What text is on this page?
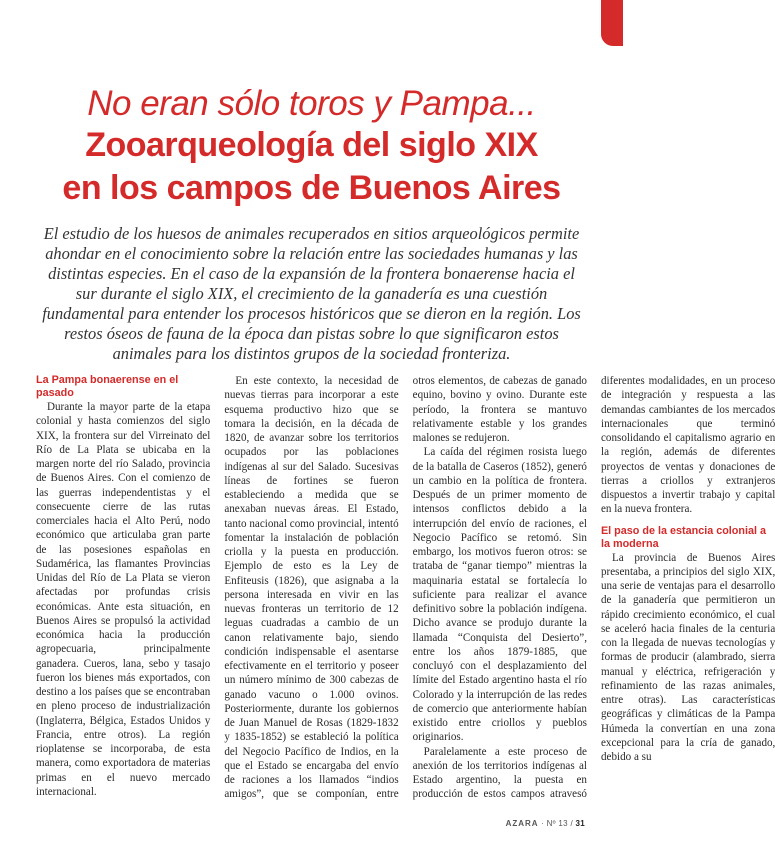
No eran sólo toros y Pampa...
Zooarqueología del siglo XIX
en los campos de Buenos Aires

El estudio de los huesos de animales recuperados en sitios arqueológicos permite ahondar en el conocimiento sobre la relación entre las sociedades humanas y las distintas especies. En el caso de la expansión de la frontera bonaerense hacia el sur durante el siglo XIX, el crecimiento de la ganadería es una cuestión fundamental para entender los procesos históricos que se dieron en la región. Los restos óseos de fauna de la época dan pistas sobre lo que significaron estos animales para los distintos grupos de la sociedad fronteriza.

La Pampa bonaerense en el pasado

Durante la mayor parte de la etapa colonial y hasta comienzos del siglo XIX, la frontera sur del Virreinato del Río de La Plata se ubicaba en la margen norte del río Salado, provincia de Buenos Aires. Con el comienzo de las guerras independentistas y el consecuente cierre de las rutas comerciales hacia el Alto Perú, nodo económico que articulaba gran parte de las posesiones españolas en Sudamérica, las flamantes Provincias Unidas del Río de La Plata se vieron afectadas por profundas crisis económicas. Ante esta situación, en Buenos Aires se propulsó la actividad económica hacia la producción agropecuaria, principalmente ganadera. Cueros, lana, sebo y tasajo fueron los bienes más exportados, con destino a los países que se encontraban en pleno proceso de industrialización (Inglaterra, Bélgica, Estados Unidos y Francia, entre otros). La región rioplatense se incorporaba, de esta manera, como exportadora de materias primas en el nuevo mercado internacional.

En este contexto, la necesidad de nuevas tierras para incorporar a este esquema productivo hizo que se tomara la decisión, en la década de 1820, de avanzar sobre los territorios ocupados por las poblaciones indígenas al sur del Salado. Sucesivas líneas de fortines se fueron estableciendo a medida que se anexaban nuevas áreas. El Estado, tanto nacional como provincial, intentó fomentar la instalación de población criolla y la puesta en producción. Ejemplo de esto es la Ley de Enfiteusis (1826), que asignaba a la persona interesada en vivir en las nuevas fronteras un territorio de 12 leguas cuadradas a cambio de un canon relativamente bajo, siendo condición indispensable el asentarse efectivamente en el territorio y poseer un número mínimo de 300 cabezas de ganado vacuno o 1.000 ovinos. Posteriormente, durante los gobiernos de Juan Manuel de Rosas (1829-1832 y 1835-1852) se estableció la política del Negocio Pacífico de Indios, en la que el Estado se encargaba del envío de raciones a los llamados “indios amigos”, que se componían, entre otros elementos, de cabezas de ganado equino, bovino y ovino. Durante este período, la frontera se mantuvo relativamente estable y los grandes malones se redujeron.

La caída del régimen rosista luego de la batalla de Caseros (1852), generó un cambio en la política de frontera. Después de un primer momento de intensos conflictos debido a la interrupción del envío de raciones, el Negocio Pacífico se retomó. Sin embargo, los motivos fueron otros: se trataba de “ganar tiempo” mientras la maquinaria estatal se fortalecía lo suficiente para realizar el avance definitivo sobre la población indígena. Dicho avance se produjo durante la llamada “Conquista del Desierto”, entre los años 1879-1885, que concluyó con el desplazamiento del límite del Estado argentino hasta el río Colorado y la interrupción de las redes de comercio que anteriormente habían existido entre criollos y pueblos originarios.

Paralelamente a este proceso de anexión de los territorios indígenas al Estado argentino, la puesta en producción de estos campos atravesó diferentes modalidades, en un proceso de integración y respuesta a las demandas cambiantes de los mercados internacionales que terminó consolidando el capitalismo agrario en la región, además de diferentes proyectos de ventas y donaciones de tierras a criollos y extranjeros dispuestos a invertir trabajo y capital en la nueva frontera.

El paso de la estancia colonial a la moderna

La provincia de Buenos Aires presentaba, a principios del siglo XIX, una serie de ventajas para el desarrollo de la ganadería que permitieron un rápido crecimiento económico, el cual se aceleró hacia finales de la centuria con la llegada de nuevas tecnologías y formas de producir (alambrado, sierra manual y eléctrica, refrigeración y refinamiento de las razas animales, entre otras). Las características geográficas y climáticas de la Pampa Húmeda la convertían en una zona excepcional para la cría de ganado, debido a su

AZARA · Nº 13 / 31
